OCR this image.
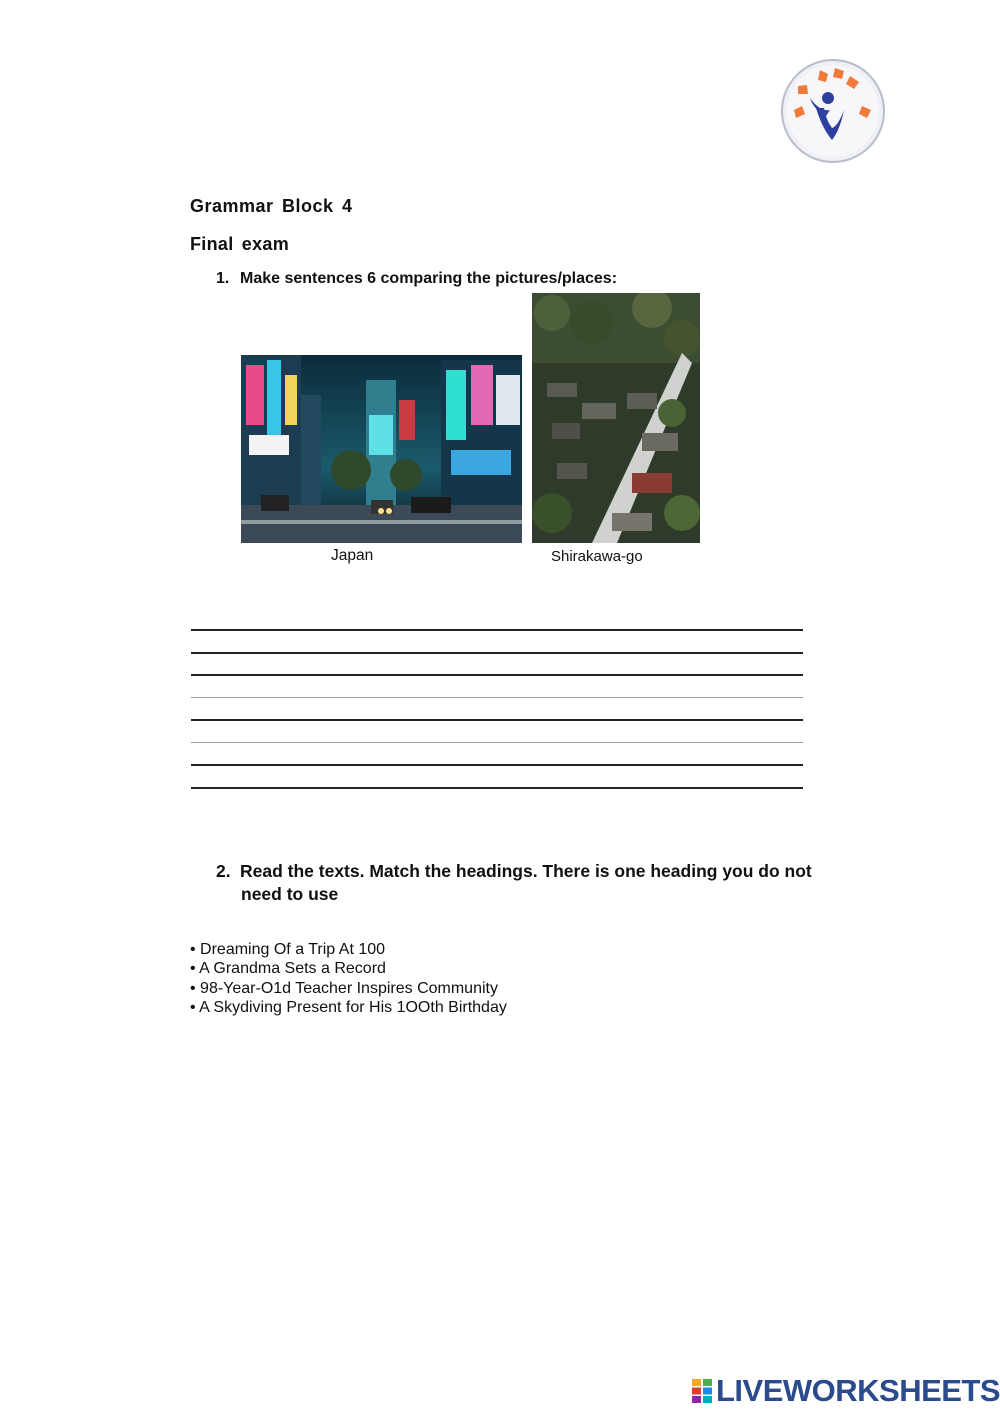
Grammar Block 4
Final exam
1. Make sentences 6 comparing the pictures/places:
Japan	Shirakawa-go
2. Read the texts. Match the headings. There is one heading you do not
need to use
• Dreaming Of a Trip At 100
• A Grandma Sets a Record
• 98-Year-O1d Teacher Inspires Community
• A Skydiving Present for His 1OOth Birthday
LIVEWORKSHEETS
